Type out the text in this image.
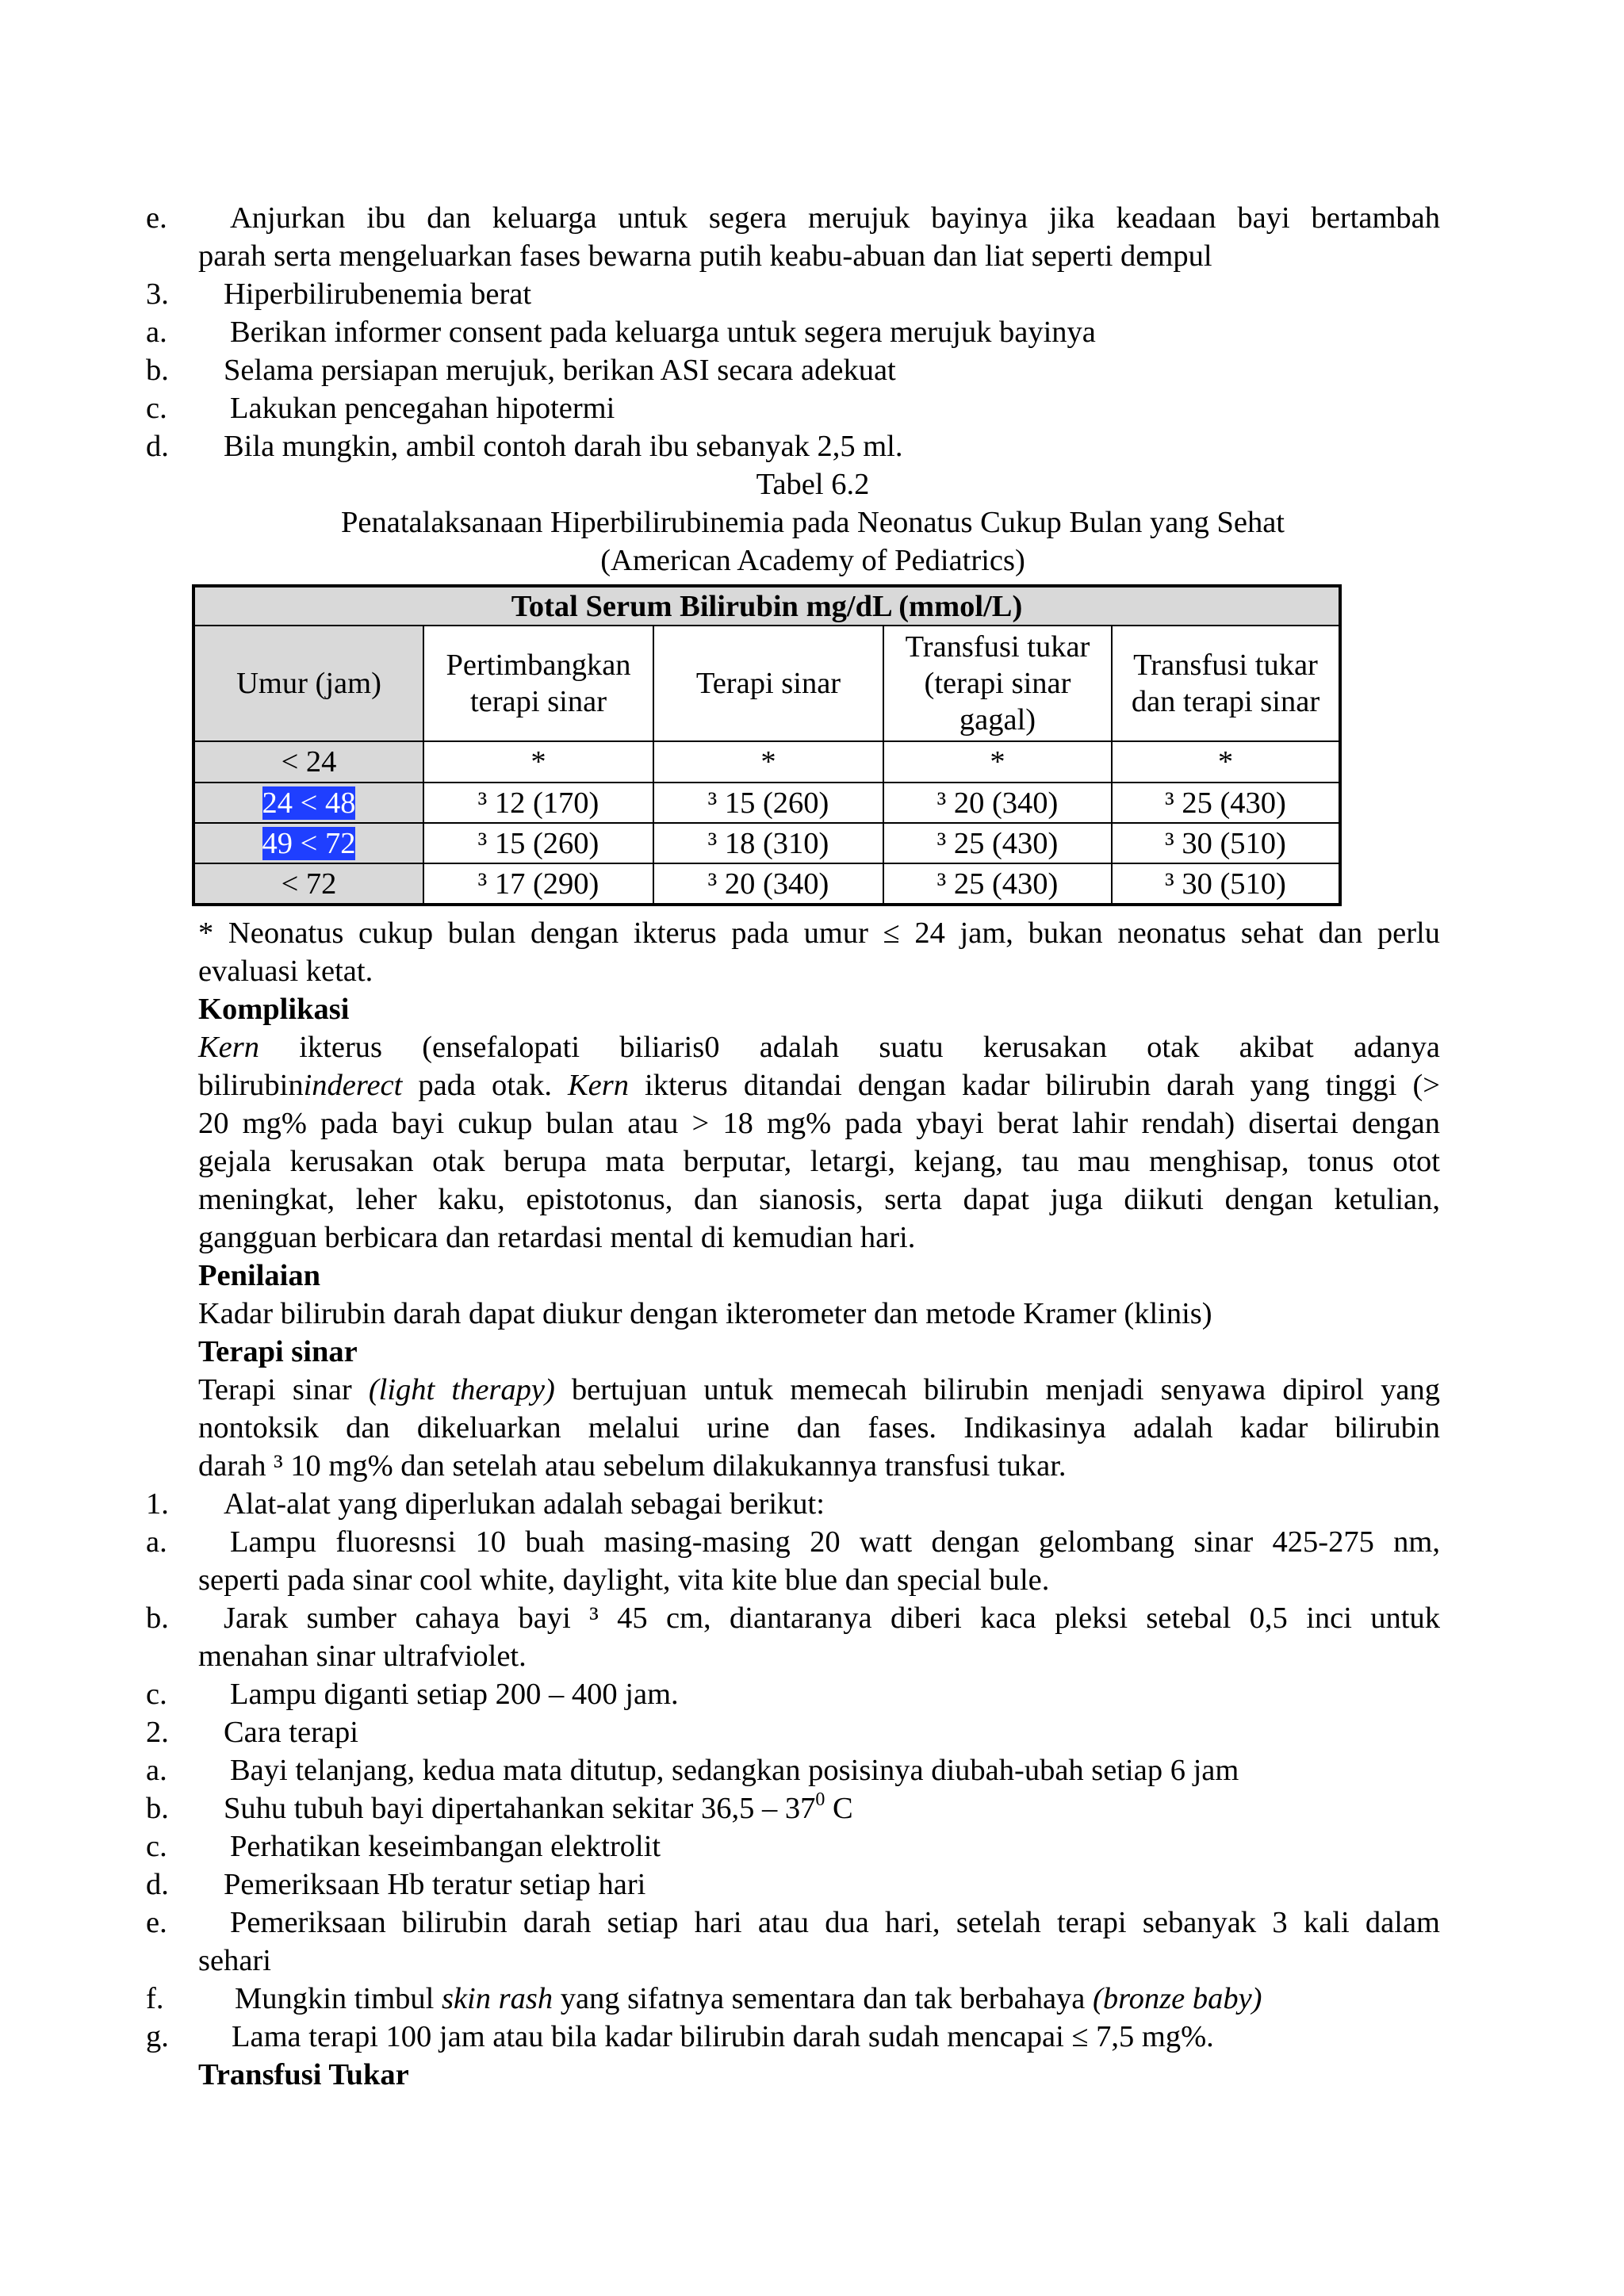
e. Anjurkan ibu dan keluarga untuk segera merujuk bayinya jika keadaan bayi bertambah
parah serta mengeluarkan fases bewarna putih keabu-abuan dan liat seperti dempul
3. Hiperbilirubenemia berat
a. Berikan informer consent pada keluarga untuk segera merujuk bayinya
b. Selama persiapan merujuk, berikan ASI secara adekuat
c. Lakukan pencegahan hipotermi
d. Bila mungkin, ambil contoh darah ibu sebanyak 2,5 ml.
Tabel 6.2
Penatalaksanaan Hiperbilirubinemia pada Neonatus Cukup Bulan yang Sehat
(American Academy of Pediatrics)
Total Serum Bilirubin mg/dL (mmol/L)				
Umur (jam)	Pertimbangkan terapi sinar	Terapi sinar	Transfusi tukar (terapi sinar gagal)	Transfusi tukar dan terapi sinar
< 24	*	*	*	*
24 < 48	³ 12 (170)	³ 15 (260)	³ 20 (340)	³ 25 (430)
49 < 72	³ 15 (260)	³ 18 (310)	³ 25 (430)	³ 30 (510)
< 72	³ 17 (290)	³ 20 (340)	³ 25 (430)	³ 30 (510)
* Neonatus cukup bulan dengan ikterus pada umur ≤ 24 jam, bukan neonatus sehat dan perlu
evaluasi ketat.
Komplikasi
Kern ikterus (ensefalopati biliaris0 adalah suatu kerusakan otak akibat adanya
bilirubininderect pada otak. Kern ikterus ditandai dengan kadar bilirubin darah yang tinggi (>
20 mg% pada bayi cukup bulan atau > 18 mg% pada ybayi berat lahir rendah) disertai dengan
gejala kerusakan otak berupa mata berputar, letargi, kejang, tau mau menghisap, tonus otot
meningkat, leher kaku, epistotonus, dan sianosis, serta dapat juga diikuti dengan ketulian,
gangguan berbicara dan retardasi mental di kemudian hari.
Penilaian
Kadar bilirubin darah dapat diukur dengan ikterometer dan metode Kramer (klinis)
Terapi sinar
Terapi sinar (light therapy) bertujuan untuk memecah bilirubin menjadi senyawa dipirol yang
nontoksik dan dikeluarkan melalui urine dan fases. Indikasinya adalah kadar bilirubin
darah ³ 10 mg% dan setelah atau sebelum dilakukannya transfusi tukar.
1. Alat-alat yang diperlukan adalah sebagai berikut:
a. Lampu fluoresnsi 10 buah masing-masing 20 watt dengan gelombang sinar 425-275 nm,
seperti pada sinar cool white, daylight, vita kite blue dan special bule.
b. Jarak sumber cahaya bayi ³ 45 cm, diantaranya diberi kaca pleksi setebal 0,5 inci untuk
menahan sinar ultrafviolet.
c. Lampu diganti setiap 200 – 400 jam.
2. Cara terapi
a. Bayi telanjang, kedua mata ditutup, sedangkan posisinya diubah-ubah setiap 6 jam
b. Suhu tubuh bayi dipertahankan sekitar $36,5 - 37^0$ C
c. Perhatikan keseimbangan elektrolit
d. Pemeriksaan Hb teratur setiap hari
e. Pemeriksaan bilirubin darah setiap hari atau dua hari, setelah terapi sebanyak 3 kali dalam
sehari
f. Mungkin timbul skin rash yang sifatnya sementara dan tak berbahaya (bronze baby)
g. Lama terapi 100 jam atau bila kadar bilirubin darah sudah mencapai ≤ 7,5 mg%.
Transfusi Tukar
